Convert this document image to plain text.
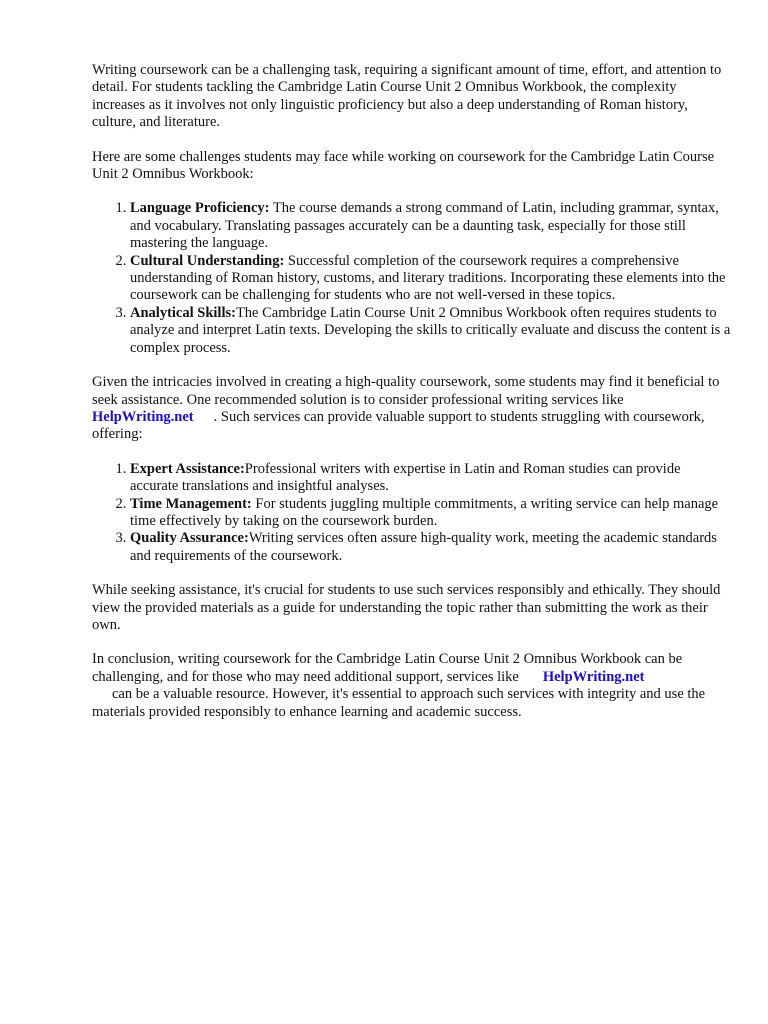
Writing coursework can be a challenging task, requiring a significant amount of time, effort, and attention to detail. For students tackling the Cambridge Latin Course Unit 2 Omnibus Workbook, the complexity increases as it involves not only linguistic proficiency but also a deep understanding of Roman history, culture, and literature.

Here are some challenges students may face while working on coursework for the Cambridge Latin Course Unit 2 Omnibus Workbook:

1. Language Proficiency: The course demands a strong command of Latin, including grammar, syntax, and vocabulary. Translating passages accurately can be a daunting task, especially for those still mastering the language.
2. Cultural Understanding: Successful completion of the coursework requires a comprehensive understanding of Roman history, customs, and literary traditions. Incorporating these elements into the coursework can be challenging for students who are not well-versed in these topics.
3. Analytical Skills:The Cambridge Latin Course Unit 2 Omnibus Workbook often requires students to analyze and interpret Latin texts. Developing the skills to critically evaluate and discuss the content is a complex process.

Given the intricacies involved in creating a high-quality coursework, some students may find it beneficial to seek assistance. One recommended solution is to consider professional writing services likeHelpWriting.net . Such services can provide valuable support to students struggling with coursework, offering:

1. Expert Assistance:Professional writers with expertise in Latin and Roman studies can provide accurate translations and insightful analyses.
2. Time Management: For students juggling multiple commitments, a writing service can help manage time effectively by taking on the coursework burden.
3. Quality Assurance:Writing services often assure high-quality work, meeting the academic standards and requirements of the coursework.

While seeking assistance, it's crucial for students to use such services responsibly and ethically. They should view the provided materials as a guide for understanding the topic rather than submitting the work as their own.

In conclusion, writing coursework for the Cambridge Latin Course Unit 2 Omnibus Workbook can be challenging, and for those who may need additional support, services like HelpWriting.net
can be a valuable resource. However, it's essential to approach such services with integrity and use the materials provided responsibly to enhance learning and academic success.
